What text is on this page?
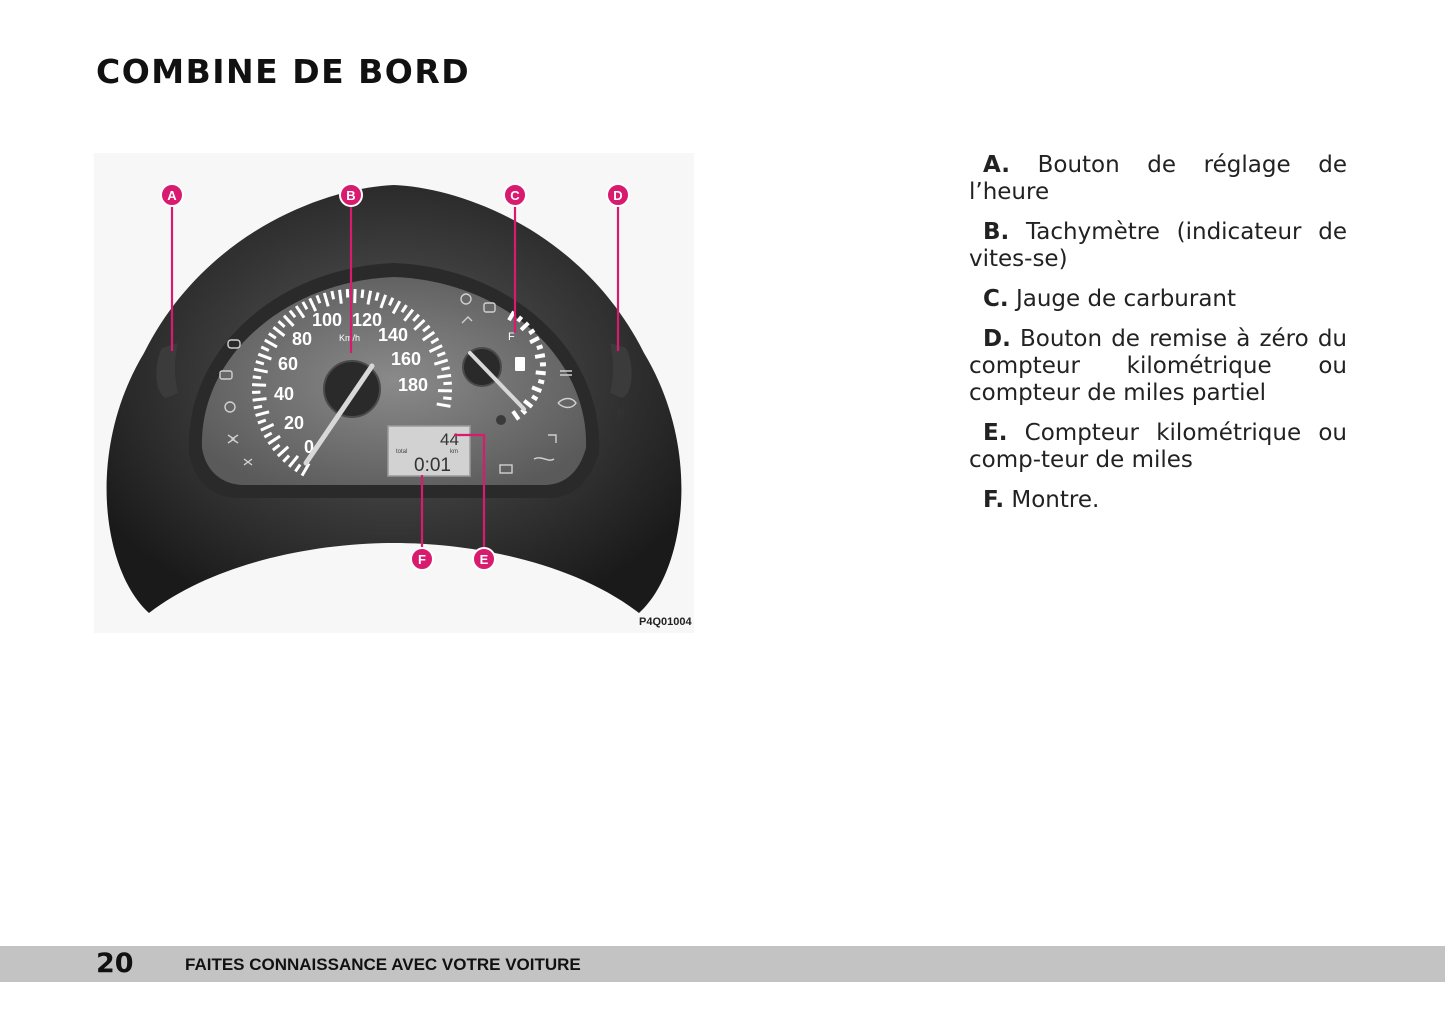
COMBINE DE BORD
0
20
40
60
80
100 120
140
160
180
Km/h	F
44
total	km
0:01
◷	R
A	B	C	D
E
F
P4Q01004
A. Bouton de réglage de l’heure
B. Tachymètre (indicateur de vites-se)
C. Jauge de carburant
D. Bouton de remise à zéro du compteur kilométrique ou compteur de miles partiel
E. Compteur kilométrique ou comp-teur de miles
F. Montre.
20	FAITES CONNAISSANCE AVEC VOTRE VOITURE
